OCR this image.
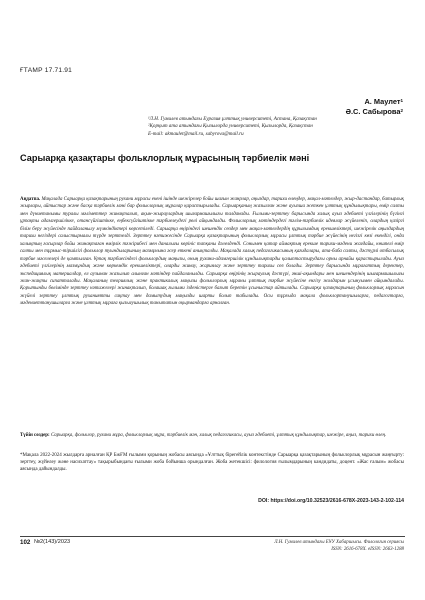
ҒТАМР 17.71.91
А. Маулет$^1$
Ә.С. Сабырова$^2$

¹Л.Н. Гумилев атындағы Еуразия ұлттық университеті, Астана, Қазақстан

²Қорқыт ата атындағы Қызылорда университеті, Қызылорда, Қазақстан

E-mail: akmaulet@mail.ru, sabyrova@mail.ru

Сарыарқа қазақтары фольклорлық мұрасының тәрбиелік мәні
Аңдатпа. Мақалада Сарыарқа қазақтарының рухани мұрасы екені ішінде шежірелер бойы шағын жанрлар, аңыздар, тарихи өлеңдер, мақал-мәтелдер, жыр-дастандар, батырлық жырлары, айтыстар және басқа тәрбиелік мәні бар фольклорлық мұралар қарастырылады. Сарыарқаның жазылған және ауызша жеткен ұлттық құндылықтары, өмір салты мен дүниетанымы туралы мәліметтер жинақталып, ақын-жыраулардың шығармашылығы талданады. Ғылыми-зерттеу барысында халық ауыз әдебиеті үлгілерінің бүгінгі ұрпақты адамгершілікке, отансүйгіштікке, еңбексүйгіштікке тәрбиелеудегі рөлі айқындалды. Фольклорлық мәтіндердегі тәлім-тәрбиелік идеялар жүйеленіп, олардың қазіргі білім беру жүйесінде пайдаланылу мүмкіндіктері көрсетіледі. Сарыарқа өңіріндегі шешендік сөздер мен мақал-мәтелдердің құрылымдық ерекшеліктері, шежірелік аңыздардың тарихи негіздері салыстырмалы түрде зерттелді. Зерттеу нәтижесінде Сарыарқа қазақтарының фольклорлық мұрасы ұлттық тәрбие жүйесінің негізгі көзі екендігі, онда халықтың ғасырлар бойы жинақтаған өмірлік тәжірибесі мен даналығы көрініс тапқаны дәлелденді. Сонымен қатар аймақтың ерекше тарихи-мәдени жағдайы, көшпелі өмір салты мен тұрмыс-тіршілігі фольклор туындыларының мазмұнына әсер еткені анықталды. Мақалада халық педагогикасының қағидалары, ата-баба салты, дәстүрлі отбасылық тәрбие мәселелері де қамтылған. Ұрпақ тәрбиесіндегі фольклордың маңызы, оның рухани-адамгершілік құндылықтарды қалыптастырудағы орны арнайы қарастырылады. Ауыз әдебиеті үлгілерінің мазмұндық және көркемдік ерекшеліктері, оларды жинау, жариялау және зерттеу тарихы сөз болады. Зерттеу барысында мұрағаттық деректер, экспедициялық материалдар, ел аузынан жазылып алынған мәтіндер пайдаланылды. Сарыарқа өңірінің жыраулық дәстүрі, әнші-ақындары мен шешендерінің шығармашылығы жан-жақты сипатталады. Мақаланың теориялық және практикалық маңызы фольклорлық мұраны ұлттық тәрбие жүйесіне енгізу жолдарын ұсынуымен айқындалады. Қорытынды бөлімінде зерттеу нәтижелері жинақталып, болашақ ғылыми ізденістерге бағыт беретін ұсыныстар айтылады. Сарыарқа қазақтарының фольклорлық мұрасын жүйелі зерттеу ұлттық руханиятты сақтау мен дамытудың маңызды шарты болып табылады. Осы тұрғыда мақала фольклортанушыларға, педагогтарға, мәдениеттанушыларға және ұлттық мұраға қызығушылық танытатын оқырмандарға арналған.
Түйін сөздер: Сарыарқа, фольклор, рухани мұра, фольклорлық мұра, тәрбиелік мән, халық педагогикасы, ауыз әдебиеті, ұлттық құндылықтар, шежіре, аңыз, тарихи өлең.
*Мақала 2022-2024 жылдарға арналған ҚР БжҒМ ғылыми қорының жобасы аясында «Ұлттық бірегейлік контекстінде Сарыарқа қазақтарының фольклорлық мұрасын жаңғырту: зерттеу, жүйелеу және насихаттау» тақырыбындағы ғылыми жоба бойынша орындалған. Жоба жетекшісі: филология ғылымдарының кандидаты, доцент. «Жас ғалым» жобасы аясында дайындалды.
DOI: https://doi.org/10.32523/2616-678X-2023-143-2-102-114
102 №2(143)/2023	Л.Н. Гумилев атындағы ЕҰУ Хабаршысы. Филология сериясы
ISSN: 2616-678X. eISSN: 2663-1288
